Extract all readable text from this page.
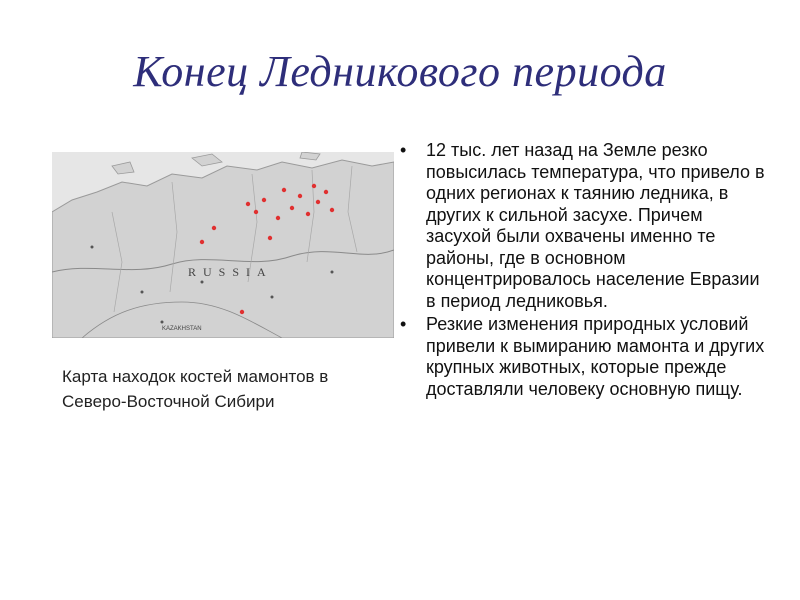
Конец Ледникового периода
RUSSIA
KAZAKHSTAN
Карта находок костей мамонтов в Северо-Восточной Сибири
• 12 тыс. лет назад на Земле резко повысилась температура, что привело в одних регионах к таянию ледника, в других к сильной засухе. Причем засухой были охвачены именно те районы, где в основном концентрировалось население Евразии в период ледниковья.
• Резкие изменения природных условий привели к вымиранию мамонта и других крупных животных, которые прежде доставляли человеку основную пищу.
